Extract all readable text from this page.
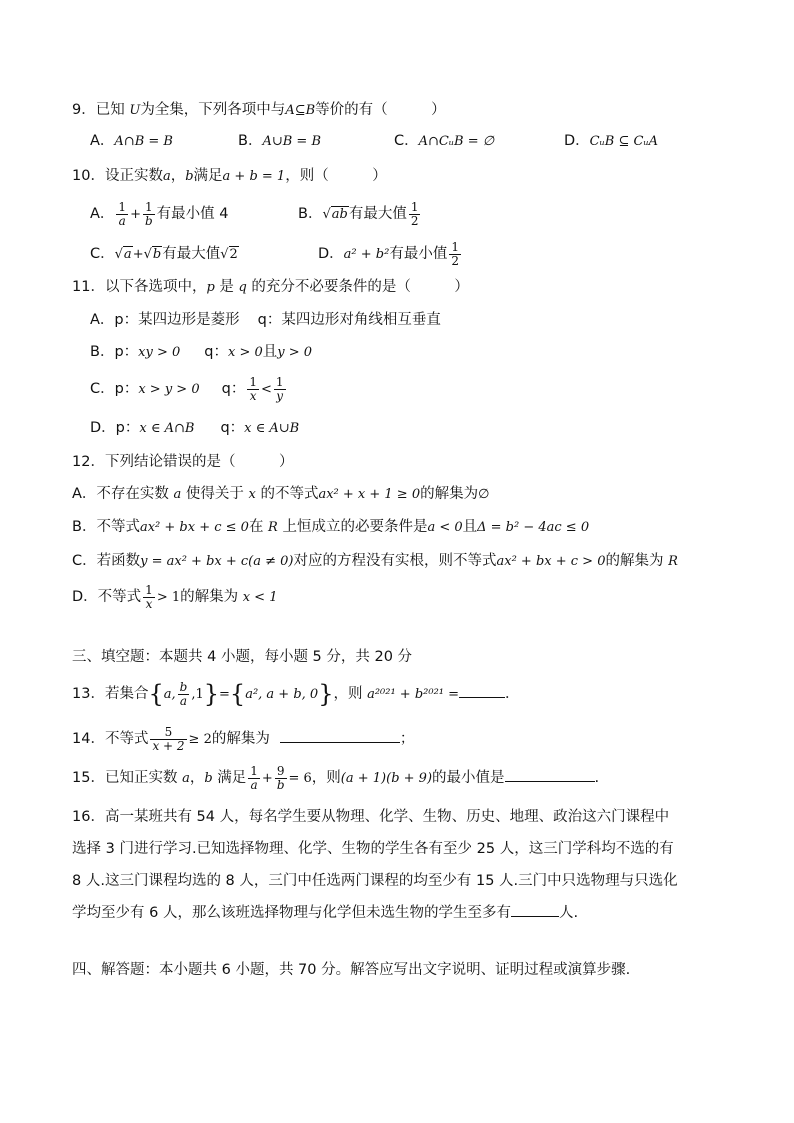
9．已知 U为全集，下列各项中与A⊆B等价的有（　　　）
A．A∩B = B	B．A∪B = B	C．A∩CᵤB = ∅	D．CᵤB ⊆ CᵤA
10．设正实数a，b满足a + b = 1，则（　　　）
A． $\frac{1}{a} + \frac{1}{b}$ 有最小值 4	B．√ab有最大值 $\frac{1}{2}$
C．√a+√b有最大值√2	D．a² + b²有最小值 $\frac{1}{2}$
11．以下各选项中，p 是 q 的充分不必要条件的是（　　　）
A．p：某四边形是菱形 q：某四边形对角线相互垂直
B．p：xy > 0 q：x > 0且y > 0
C．p：x > y > 0 q： $\frac{1}{x} < \frac{1}{y}$
D．p：x ∈ A∩B q：x ∈ A∪B
12．下列结论错误的是（　　　）
A．不存在实数 a 使得关于 x 的不等式ax² + x + 1 ≥ 0的解集为∅
B．不等式ax² + bx + c ≤ 0在 R 上恒成立的必要条件是a < 0且Δ = b² − 4ac ≤ 0
C．若函数y = ax² + bx + c(a ≠ 0)对应的方程没有实根，则不等式ax² + bx + c > 0的解集为 R
D．不等式 $\frac{1}{x} > 1$的解集为 x < 1
三、填空题：本题共 4 小题，每小题 5 分，共 20 分
13．若集合{a, $\frac{b}{a} ,1\}=\{a^2$, a + b, 0}，则 a²⁰²¹ + b²⁰²¹ =	．
14．不等式 $\frac{5}{x + 2} \ge 2$的解集为	；
15．已知正实数 a，b 满足 $\frac{1}{a} + \frac{9}{b} = 6$，则(a + 1)(b + 9)的最小值是	.
16．高一某班共有 54 人，每名学生要从物理、化学、生物、历史、地理、政治这六门课程中
选择 3 门进行学习.已知选择物理、化学、生物的学生各有至少 25 人，这三门学科均不选的有
8 人.这三门课程均选的 8 人，三门中任选两门课程的均至少有 15 人.三门中只选物理与只选化
学均至少有 6 人，那么该班选择物理与化学但未选生物的学生至多有	人.
四、解答题：本小题共 6 小题，共 70 分。解答应写出文字说明、证明过程或演算步骤.
